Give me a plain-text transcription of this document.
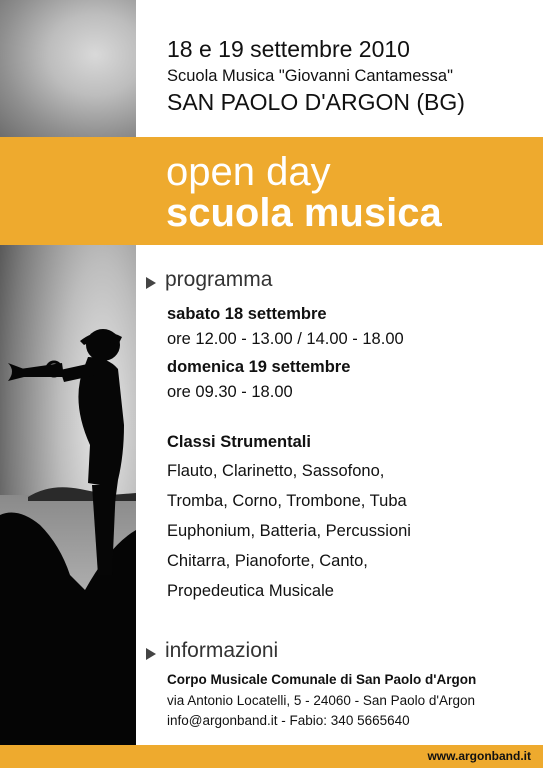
18 e 19 settembre 2010
Scuola Musica "Giovanni Cantamessa"
SAN PAOLO D'ARGON (BG)
open day
scuola musica
programma
sabato 18 settembre
ore 12.00 - 13.00 / 14.00 - 18.00
domenica 19 settembre
ore 09.30 - 18.00
Classi Strumentali
Flauto, Clarinetto, Sassofono,
Tromba, Corno, Trombone, Tuba
Euphonium, Batteria, Percussioni
Chitarra, Pianoforte, Canto,
Propedeutica Musicale
informazioni
Corpo Musicale Comunale di San Paolo d'Argon
via Antonio Locatelli, 5 - 24060 - San Paolo d'Argon
info@argonband.it - Fabio: 340 5665640
www.argonband.it
